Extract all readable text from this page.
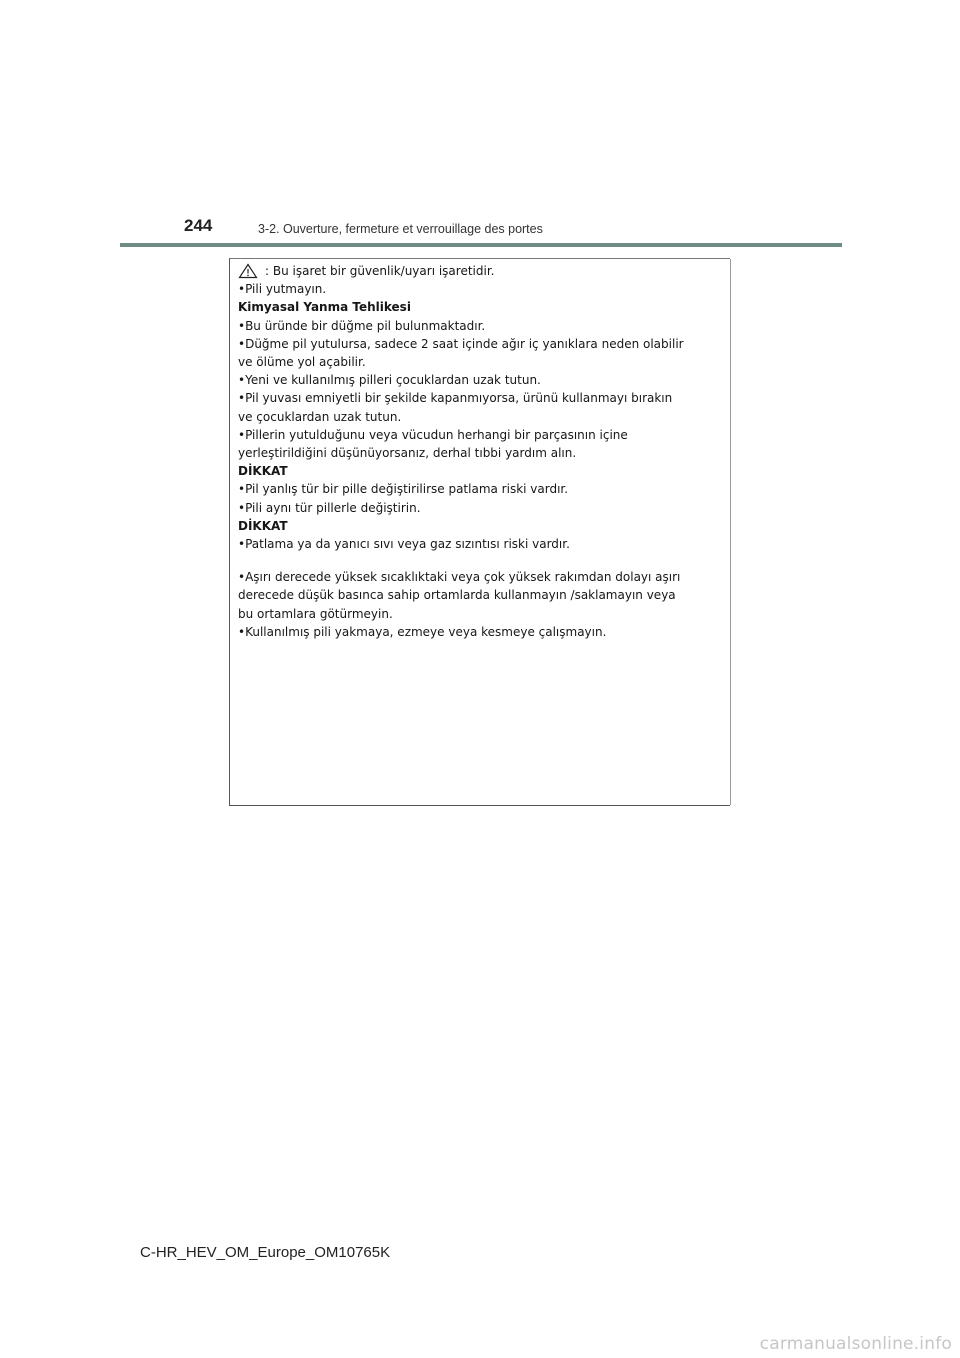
244	3-2. Ouverture, fermeture et verrouillage des portes
: Bu işaret bir güvenlik/uyarı işaretidir.
•Pili yutmayın.
Kimyasal Yanma Tehlikesi
•Bu üründe bir düğme pil bulunmaktadır.
•Düğme pil yutulursa, sadece 2 saat içinde ağır iç yanıklara neden olabilir
ve ölüme yol açabilir.
•Yeni ve kullanılmış pilleri çocuklardan uzak tutun.
•Pil yuvası emniyetli bir şekilde kapanmıyorsa, ürünü kullanmayı bırakın
ve çocuklardan uzak tutun.
•Pillerin yutulduğunu veya vücudun herhangi bir parçasının içine
yerleştirildiğini düşünüyorsanız, derhal tıbbi yardım alın.
DİKKAT
•Pil yanlış tür bir pille değiştirilirse patlama riski vardır.
•Pili aynı tür pillerle değiştirin.
DİKKAT
•Patlama ya da yanıcı sıvı veya gaz sızıntısı riski vardır.
•Aşırı derecede yüksek sıcaklıktaki veya çok yüksek rakımdan dolayı aşırı
derecede düşük basınca sahip ortamlarda kullanmayın /saklamayın veya
bu ortamlara götürmeyin.
•Kullanılmış pili yakmaya, ezmeye veya kesmeye çalışmayın.
C-HR_HEV_OM_Europe_OM10765K
carmanualsonline.info
